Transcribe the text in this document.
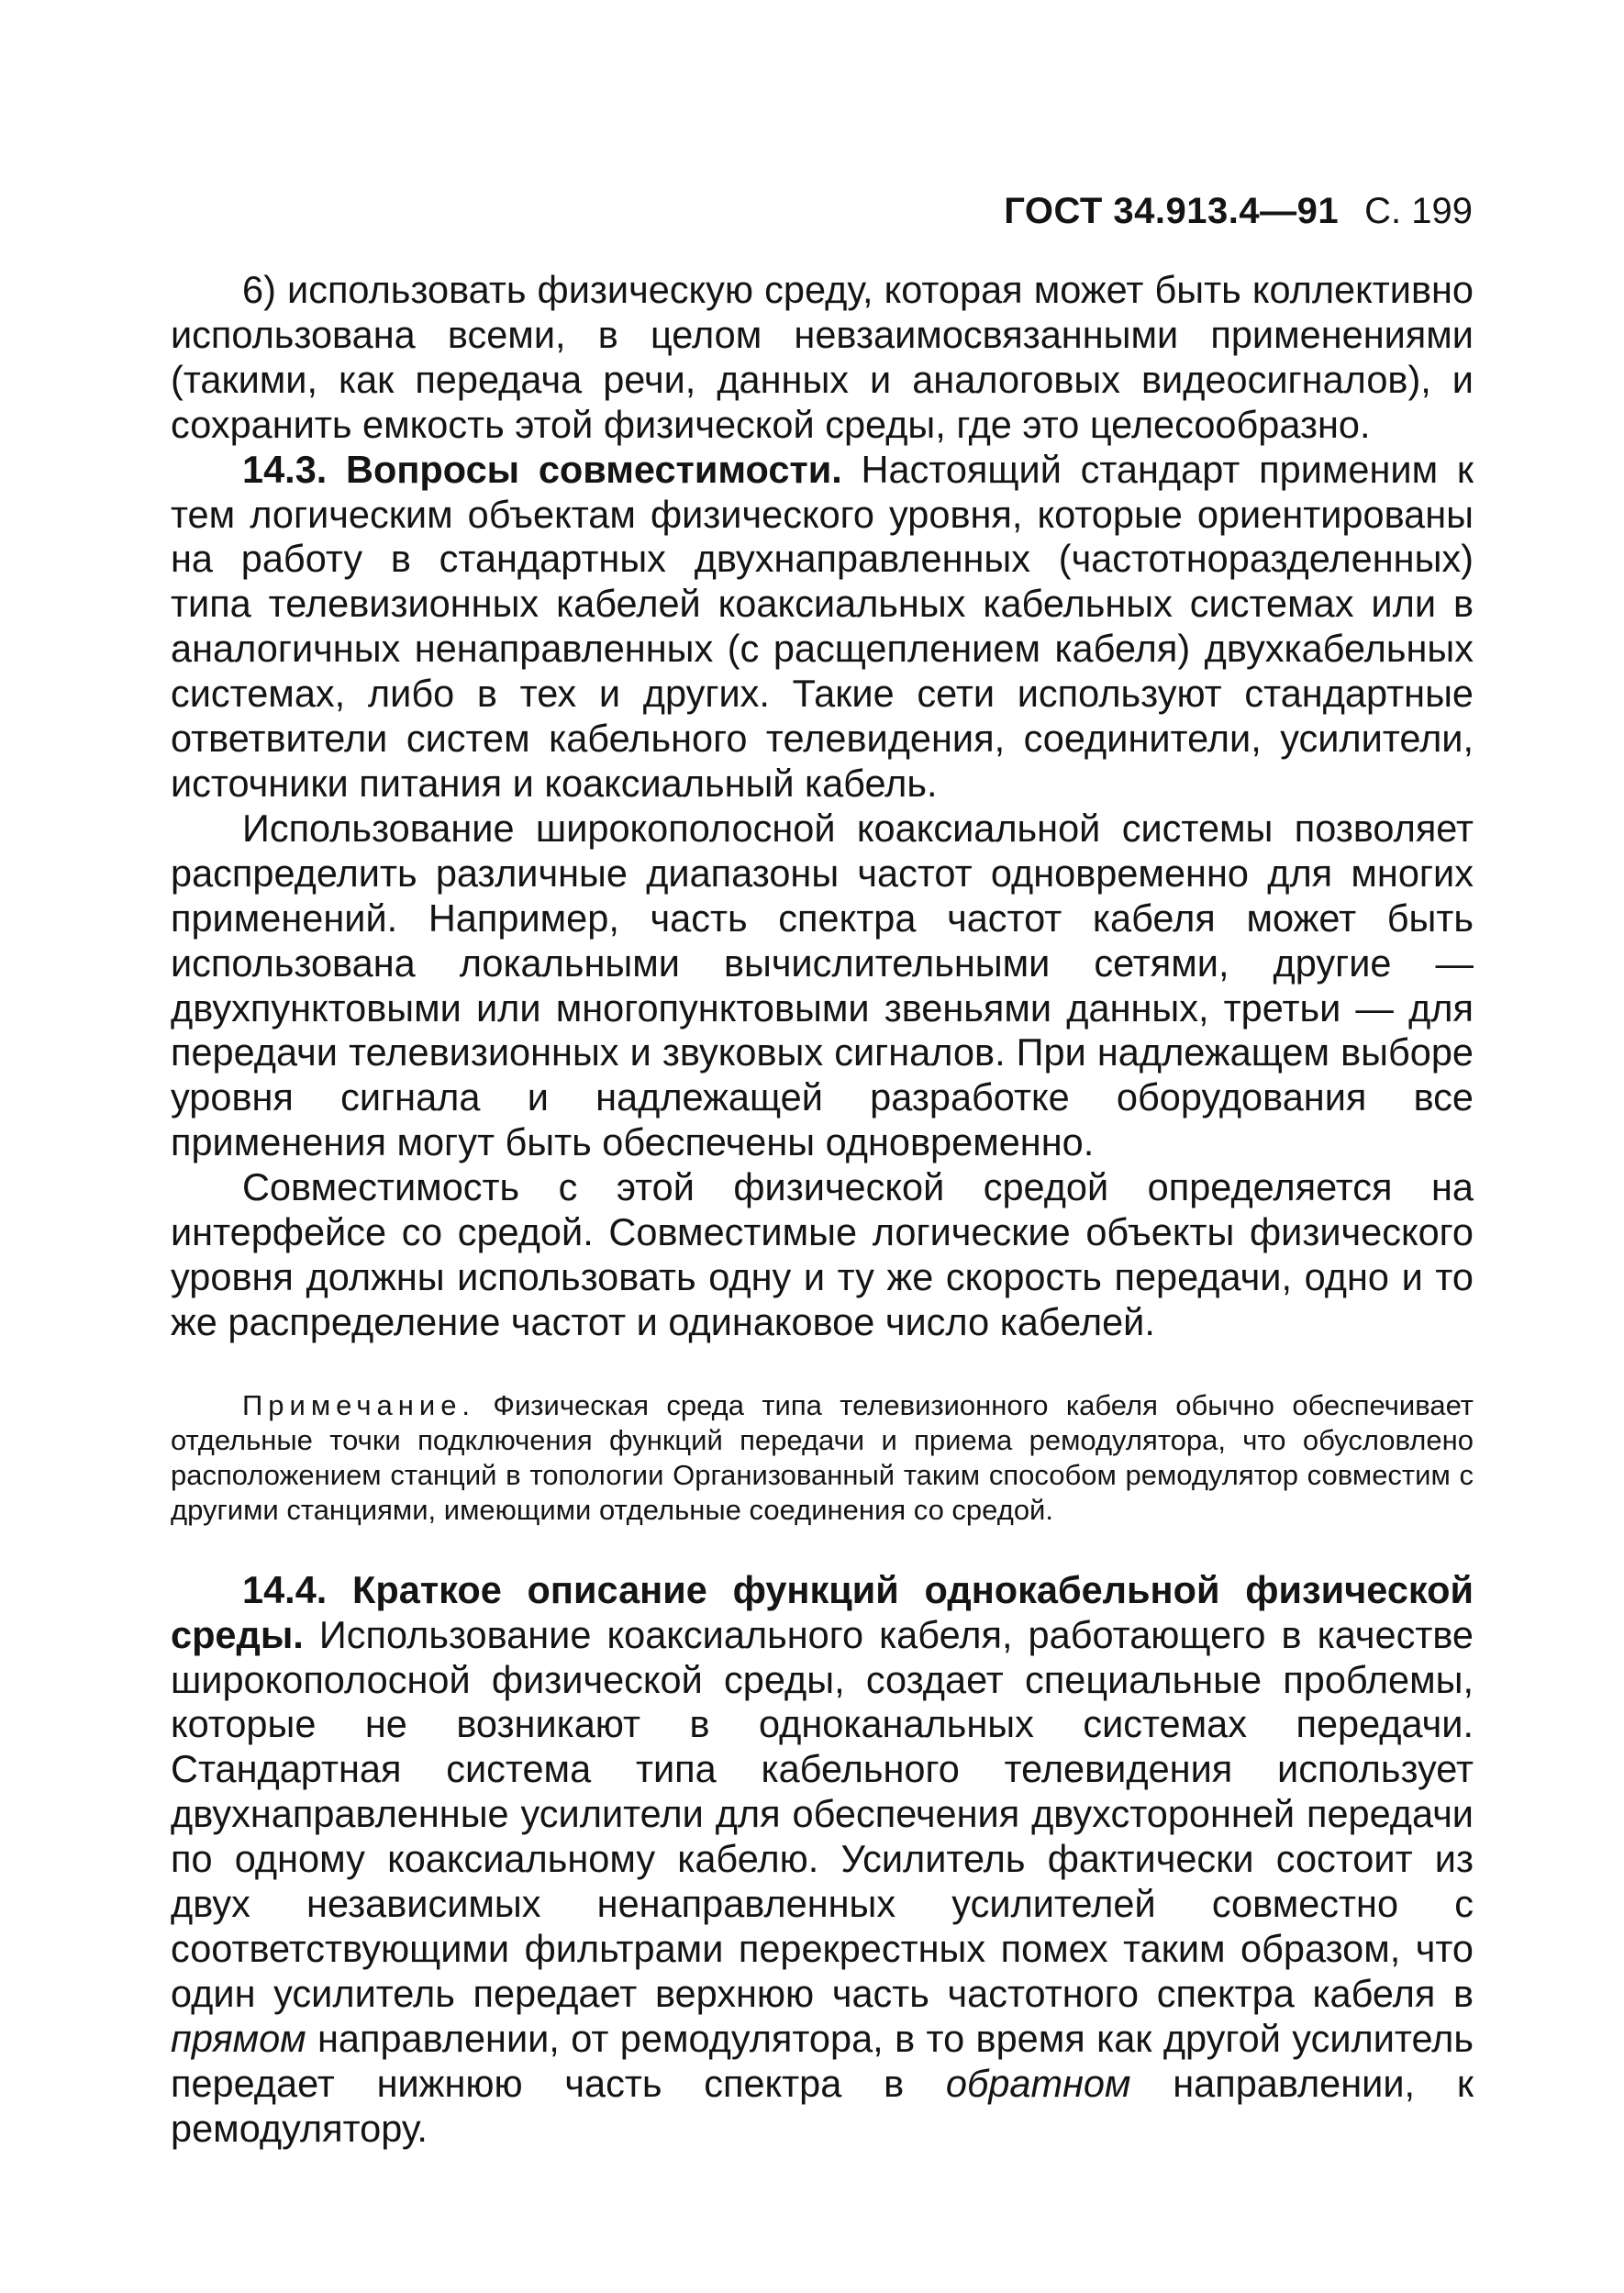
ГОСТ 34.913.4—91 С. 199

6) использовать физическую среду, которая может быть коллективно использована всеми, в целом невзаимосвязанными применениями (такими, как передача речи, данных и аналоговых видеосигналов), и сохранить емкость этой физической среды, где это целесообразно.

14.3. Вопросы совместимости. Настоящий стандарт применим к тем логическим объектам физического уровня, которые ориентированы на работу в стандартных двухнаправленных (частотноразделенных) типа телевизионных кабелей коаксиальных кабельных системах или в аналогичных ненаправленных (с расщеплением кабеля) двухкабельных системах, либо в тех и других. Такие сети используют стандартные ответвители систем кабельного телевидения, соединители, усилители, источники питания и коаксиальный кабель.

Использование широкополосной коаксиальной системы позволяет распределить различные диапазоны частот одновременно для многих применений. Например, часть спектра частот кабеля может быть использована локальными вычислительными сетями, другие — двухпунктовыми или многопунктовыми звеньями данных, третьи — для передачи телевизионных и звуковых сигналов. При надлежащем выборе уровня сигнала и надлежащей разработке оборудования все применения могут быть обеспечены одновременно.

Совместимость с этой физической средой определяется на интерфейсе со средой. Совместимые логические объекты физического уровня должны использовать одну и ту же скорость передачи, одно и то же распределение частот и одинаковое число кабелей.

Примечание. Физическая среда типа телевизионного кабеля обычно обеспечивает отдельные точки подключения функций передачи и приема ремодулятора, что обусловлено расположением станций в топологии Организованный таким способом ремодулятор совместим с другими станциями, имеющими отдельные соединения со средой.

14.4. Краткое описание функций однокабельной физической среды. Использование коаксиального кабеля, работающего в качестве широкополосной физической среды, создает специальные проблемы, которые не возникают в одноканальных системах передачи. Стандартная система типа кабельного телевидения использует двухнаправленные усилители для обеспечения двухсторонней передачи по одному коаксиальному кабелю. Усилитель фактически состоит из двух независимых ненаправленных усилителей совместно с соответствующими фильтрами перекрестных помех таким образом, что один усилитель передает верхнюю часть частотного спектра кабеля в прямом направлении, от ремодулятора, в то время как другой усилитель передает нижнюю часть спектра в обратном направлении, к ремодулятору.
